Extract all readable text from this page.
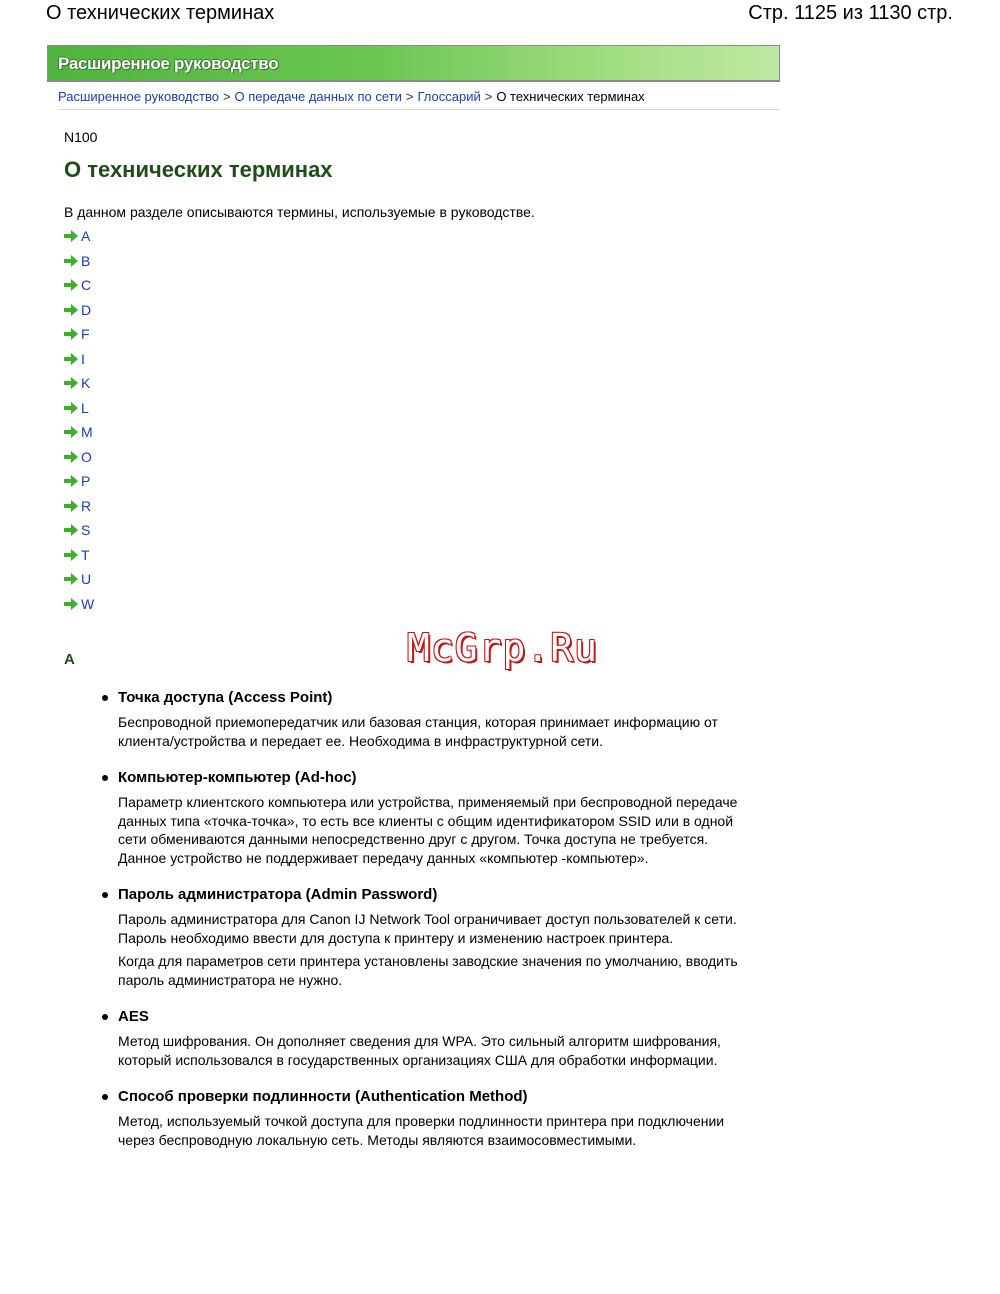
О технических терминах	Стр. 1125 из 1130 стр.
Расширенное руководство
Расширенное руководство > О передаче данных по сети > Глоссарий > О технических терминах
N100
О технических терминах
В данном разделе описываются термины, используемые в руководстве.
A
B
C
D
F
I
K
L
M
O
P
R
S
T
U
W
McGrp.Ru
A
Точка доступа (Access Point)

Беспроводной приемопередатчик или базовая станция, которая принимает информацию от клиента/устройства и передает ее. Необходима в инфраструктурной сети.

Компьютер-компьютер (Ad-hoc)

Параметр клиентского компьютера или устройства, применяемый при беспроводной передаче данных типа «точка-точка», то есть все клиенты с общим идентификатором SSID или в одной сети обмениваются данными непосредственно друг с другом. Точка доступа не требуется. Данное устройство не поддерживает передачу данных «компьютер -компьютер».

Пароль администратора (Admin Password)

Пароль администратора для Canon IJ Network Tool ограничивает доступ пользователей к сети. Пароль необходимо ввести для доступа к принтеру и изменению настроек принтера.

Когда для параметров сети принтера установлены заводские значения по умолчанию, вводить пароль администратора не нужно.

AES

Метод шифрования. Он дополняет сведения для WPA. Это сильный алгоритм шифрования, который использовался в государственных организациях США для обработки информации.

Способ проверки подлинности (Authentication Method)

Метод, используемый точкой доступа для проверки подлинности принтера при подключении через беспроводную локальную сеть. Методы являются взаимосовместимыми.
